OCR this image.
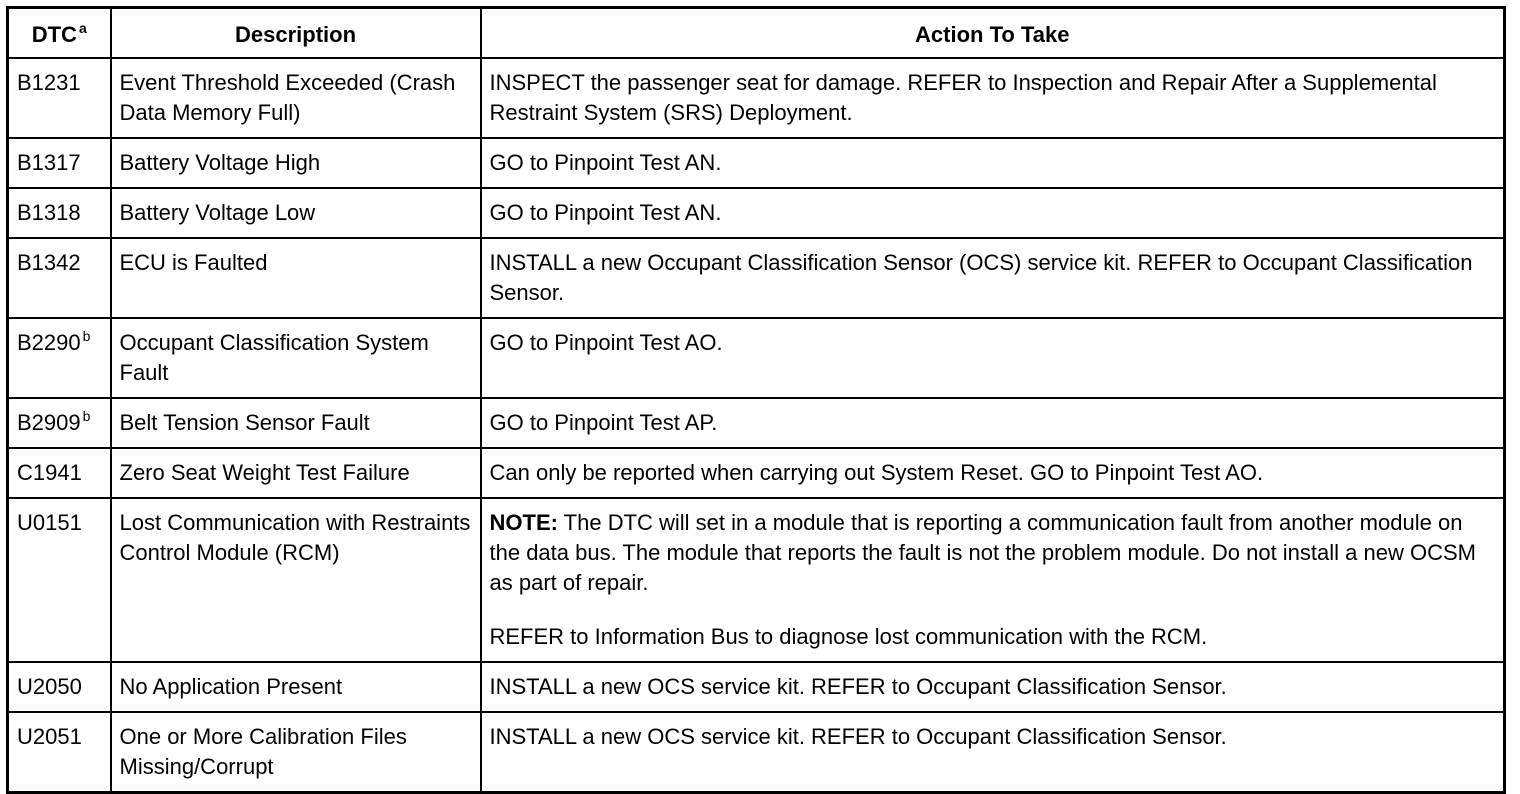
DTC $^a$	Description	Action To Take
B1231	Event Threshold Exceeded (Crash Data Memory Full)	INSPECT the passenger seat for damage. REFER to Inspection and Repair After a Supplemental Restraint System (SRS) Deployment.
B1317	Battery Voltage High	GO to Pinpoint Test AN.
B1318	Battery Voltage Low	GO to Pinpoint Test AN.
B1342	ECU is Faulted	INSTALL a new Occupant Classification Sensor (OCS) service kit. REFER to Occupant Classification Sensor.
B2290 $^b$	Occupant Classification System Fault	GO to Pinpoint Test AO.
B2909 $^b$	Belt Tension Sensor Fault	GO to Pinpoint Test AP.
C1941	Zero Seat Weight Test Failure	Can only be reported when carrying out System Reset. GO to Pinpoint Test AO.
U0151	Lost Communication with Restraints Control Module (RCM)	NOTE: The DTC will set in a module that is reporting a communication fault from another module on the data bus. The module that reports the fault is not the problem module. Do not install a new OCSM as part of repair.
REFER to Information Bus to diagnose lost communication with the RCM.
U2050	No Application Present	INSTALL a new OCS service kit. REFER to Occupant Classification Sensor.
U2051	One or More Calibration Files Missing/Corrupt	INSTALL a new OCS service kit. REFER to Occupant Classification Sensor.
